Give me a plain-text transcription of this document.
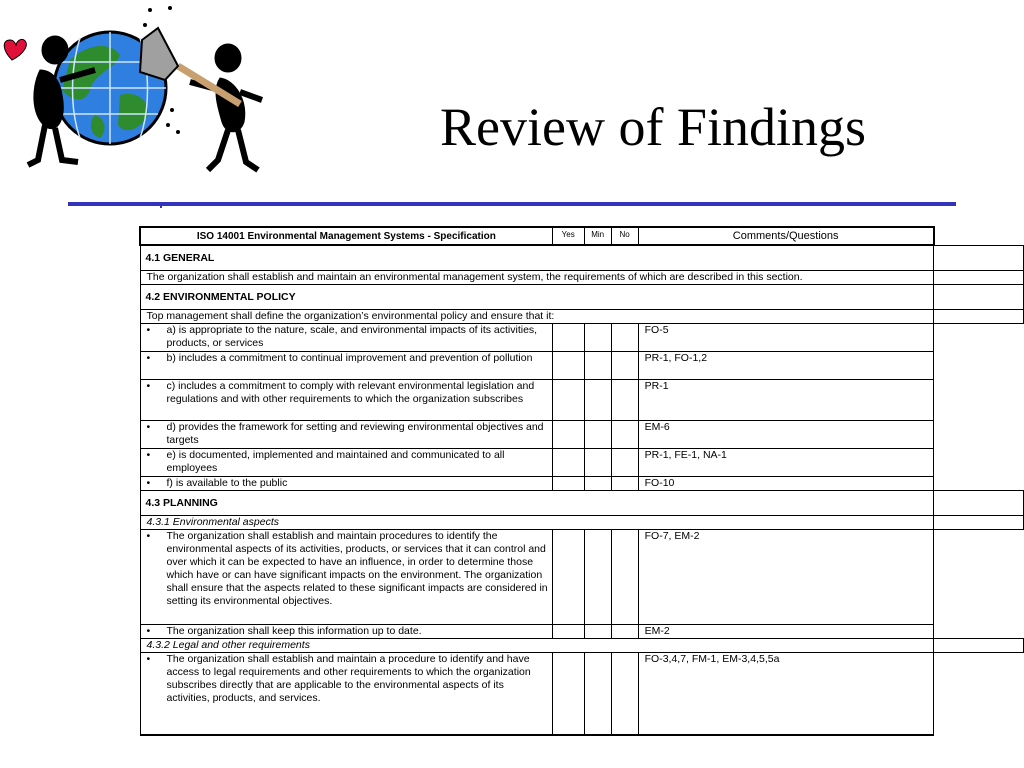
Review of Findings
ISO 14001 Environmental Management Systems - Specification	Yes	Min	No	Comments/Questions	
4.1 GENERAL					
The organization shall establish and maintain an environmental management system, the requirements of which are described in this section.					
4.2 ENVIRONMENTAL POLICY					
Top management shall define the organization’s environmental policy and ensure that it:					

• a) is appropriate to the nature, scale, and environmental impacts of its activities, products, or services				FO-5	

• b) includes a commitment to continual improvement and prevention of pollution				PR-1, FO-1,2	

• c) includes a commitment to comply with relevant environmental legislation and regulations and with other requirements to which the organization subscribes				PR-1	

• d) provides the framework for setting and reviewing environmental objectives and targets				EM-6	

• e) is documented, implemented and maintained and communicated to all employees				PR-1, FE-1, NA-1	

• f) is available to the public				FO-10	
4.3 PLANNING					
4.3.1 Environmental aspects					

• The organization shall establish and maintain procedures to identify the environmental aspects of its activities, products, or services that it can control and over which it can be expected to have an influence, in order to determine those which have or can have significant impacts on the environment. The organization shall ensure that the aspects related to these significant impacts are considered in setting its environmental objectives.				FO-7, EM-2	

• The organization shall keep this information up to date.				EM-2	
4.3.2 Legal and other requirements					

• The organization shall establish and maintain a procedure to identify and have access to legal requirements and other requirements to which the organization subscribes directly that are applicable to the environmental aspects of its activities, products, and services.				FO-3,4,7, FM-1, EM-3,4,5,5a	
